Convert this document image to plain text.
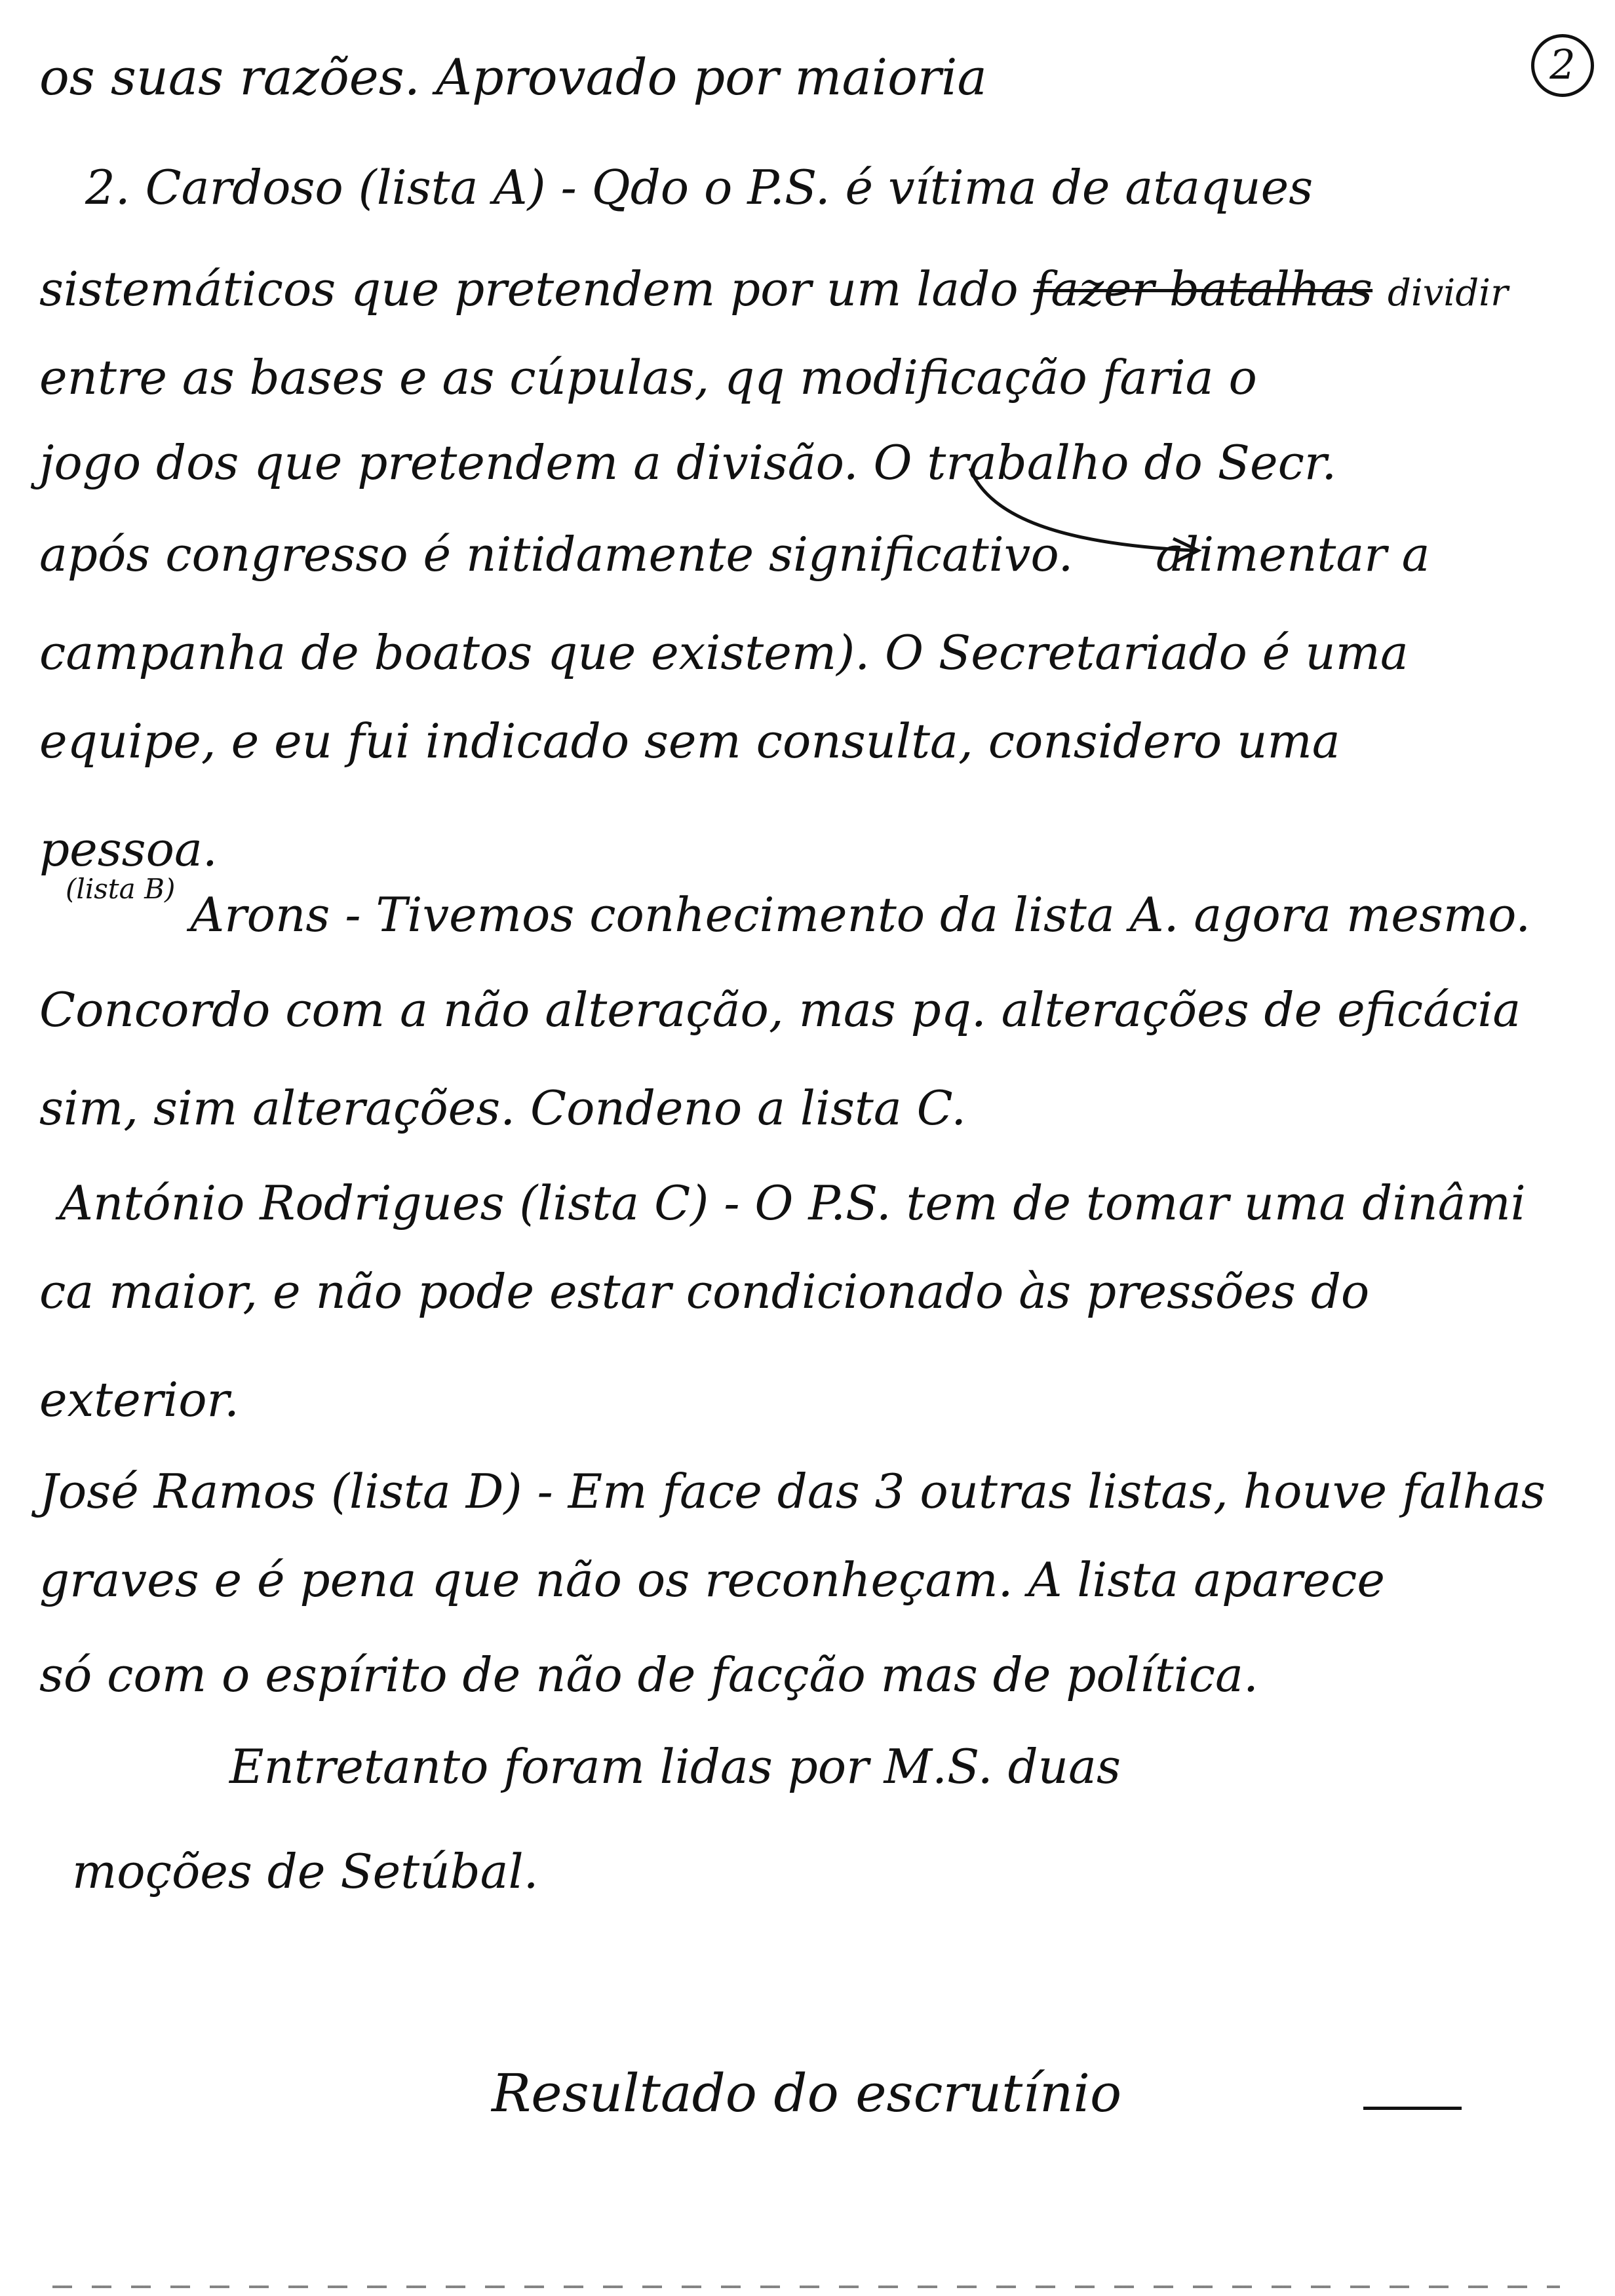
2
os suas razões. Aprovado por maioria
2. Cardoso (lista A) - Qdo o P.S. é vítima de ataques
sistemáticos que pretendem por um lado fazer batalhas dividir
entre as bases e as cúpulas, qq modificação faria o
jogo dos que pretendem a divisão. O trabalho do Secr.
após congresso é nitidamente significativo. alimentar a
campanha de boatos que existem). O Secretariado é uma
equipe, e eu fui indicado sem consulta, considero uma
pessoa.
$^{(lista B)}$ Arons - Tivemos conhecimento da lista A. agora mesmo.
Concordo com a não alteração, mas pq. alterações de eficácia
sim, sim alterações. Condeno a lista C.
António Rodrigues (lista C) - O P.S. tem de tomar uma dinâmi
ca maior, e não pode estar condicionado às pressões do
exterior.
José Ramos (lista D) - Em face das 3 outras listas, houve falhas
graves e é pena que não os reconheçam. A lista aparece
só com o espírito de não de facção mas de política.
Entretanto foram lidas por M.S. duas
moções de Setúbal.
Resultado do escrutínio
